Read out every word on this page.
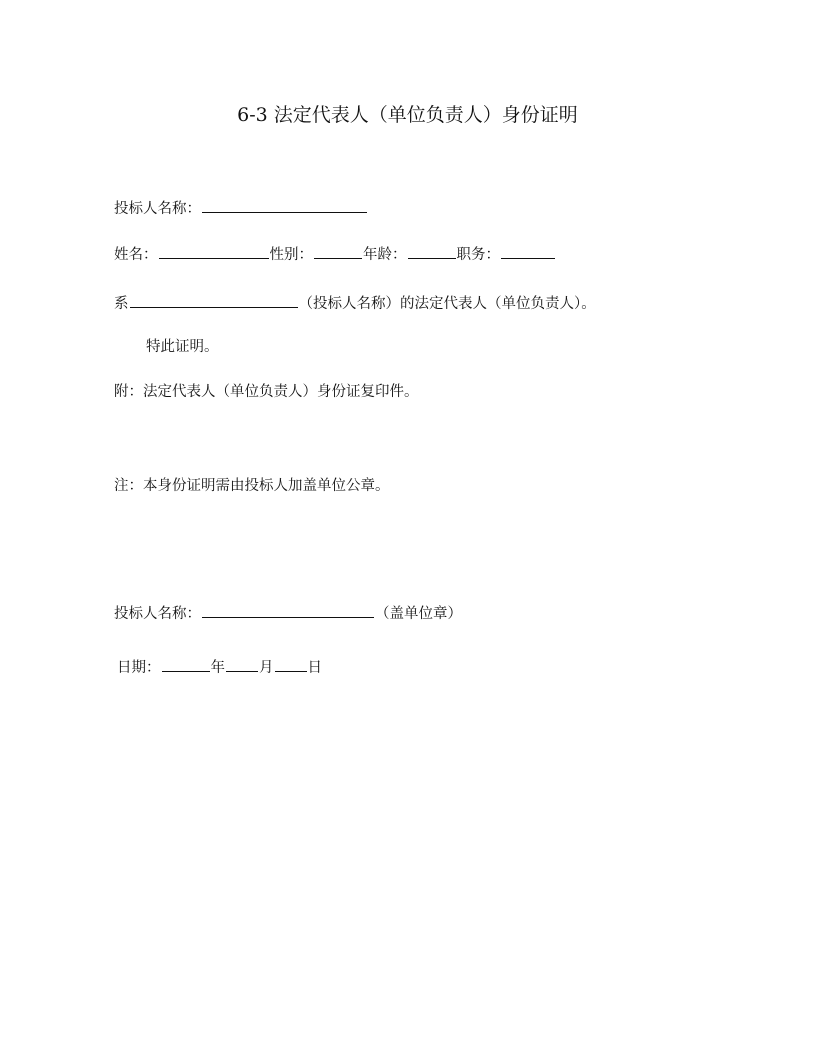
6-3 法定代表人（单位负责人）身份证明
投标人名称：
姓名：	性别：	年龄：	职务：
系	（投标人名称）的法定代表人（单位负责人）。
特此证明。
附：法定代表人（单位负责人）身份证复印件。
注：本身份证明需由投标人加盖单位公章。
投标人名称：	（盖单位章）
日期：	年 月 日
